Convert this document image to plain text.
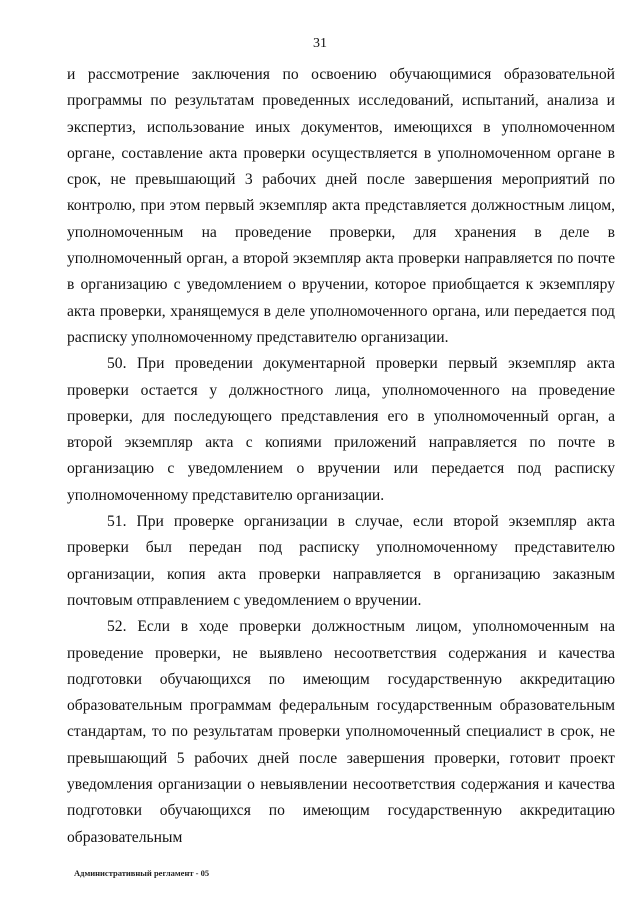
31

и рассмотрение заключения по освоению обучающимися образовательной программы по результатам проведенных исследований, испытаний, анализа и экспертиз, использование иных документов, имеющихся в уполномоченном органе, составление акта проверки осуществляется в уполномоченном органе в срок, не превышающий 3 рабочих дней после завершения мероприятий по контролю, при этом первый экземпляр акта представляется должностным лицом, уполномоченным на проведение проверки, для хранения в деле в уполномоченный орган, а второй экземпляр акта проверки направляется по почте в организацию с уведомлением о вручении, которое приобщается к экземпляру акта проверки, хранящемуся в деле уполномоченного органа, или передается под расписку уполномоченному представителю организации.

50. При проведении документарной проверки первый экземпляр акта проверки остается у должностного лица, уполномоченного на проведение проверки, для последующего представления его в уполномоченный орган, а второй экземпляр акта с копиями приложений направляется по почте в организацию с уведомлением о вручении или передается под расписку уполномоченному представителю организации.

51. При проверке организации в случае, если второй экземпляр акта проверки был передан под расписку уполномоченному представителю организации, копия акта проверки направляется в организацию заказным почтовым отправлением с уведомлением о вручении.

52. Если в ходе проверки должностным лицом, уполномоченным на проведение проверки, не выявлено несоответствия содержания и качества подготовки обучающихся по имеющим государственную аккредитацию образовательным программам федеральным государственным образовательным стандартам, то по результатам проверки уполномоченный специалист в срок, не превышающий 5 рабочих дней после завершения проверки, готовит проект уведомления организации о невыявлении несоответствия содержания и качества подготовки обучающихся по имеющим государственную аккредитацию образовательным

Административный регламент - 05
